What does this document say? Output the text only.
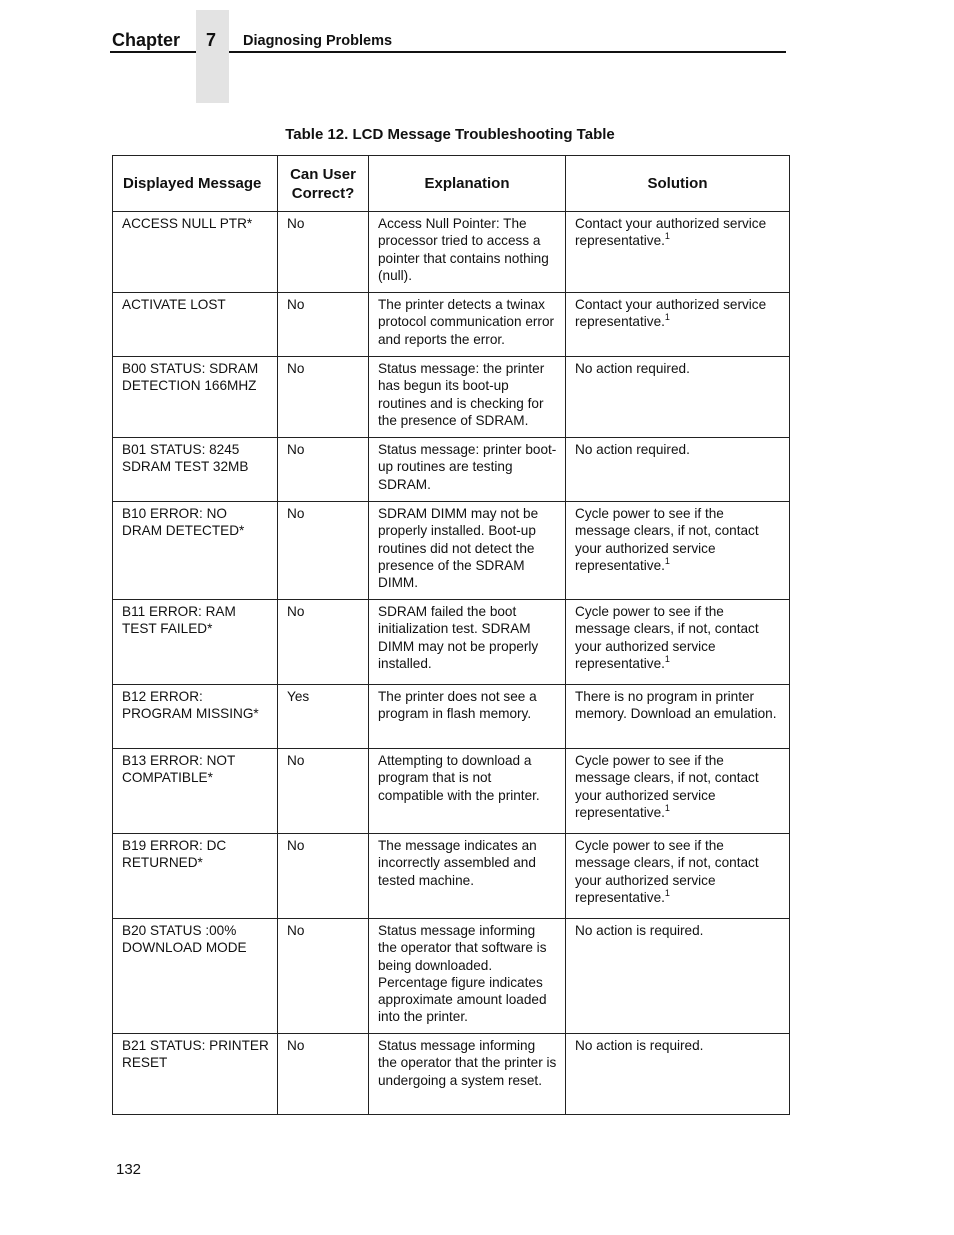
Chapter	7	Diagnosing Problems
Table 12. LCD Message Troubleshooting Table
Displayed Message	Can User Correct?	Explanation	Solution
ACCESS NULL PTR*	No	Access Null Pointer: The processor tried to access a pointer that contains nothing (null).	Contact your authorized service representative.$^1$
ACTIVATE LOST	No	The printer detects a twinax protocol communication error and reports the error.	Contact your authorized service representative.$^1$
B00 STATUS: SDRAM DETECTION 166MHZ	No	Status message: the printer has begun its boot-up routines and is checking for the presence of SDRAM.	No action required.
B01 STATUS: 8245 SDRAM TEST 32MB	No	Status message: printer boot-up routines are testing SDRAM.	No action required.
B10 ERROR: NO DRAM DETECTED*	No	SDRAM DIMM may not be properly installed. Boot-up routines did not detect the presence of the SDRAM DIMM.	Cycle power to see if the message clears, if not, contact your authorized service representative.$^1$
B11 ERROR: RAM TEST FAILED*	No	SDRAM failed the boot initialization test. SDRAM DIMM may not be properly installed.	Cycle power to see if the message clears, if not, contact your authorized service representative.$^1$
B12 ERROR: PROGRAM MISSING*	Yes	The printer does not see a program in flash memory.	There is no program in printer memory. Download an emulation.
B13 ERROR: NOT COMPATIBLE*	No	Attempting to download a program that is not compatible with the printer.	Cycle power to see if the message clears, if not, contact your authorized service representative.$^1$
B19 ERROR: DC RETURNED*	No	The message indicates an incorrectly assembled and tested machine.	Cycle power to see if the message clears, if not, contact your authorized service representative.$^1$
B20 STATUS :00% DOWNLOAD MODE	No	Status message informing the operator that software is being downloaded. Percentage figure indicates approximate amount loaded into the printer.	No action is required.
B21 STATUS: PRINTER RESET	No	Status message informing the operator that the printer is undergoing a system reset.	No action is required.
132
